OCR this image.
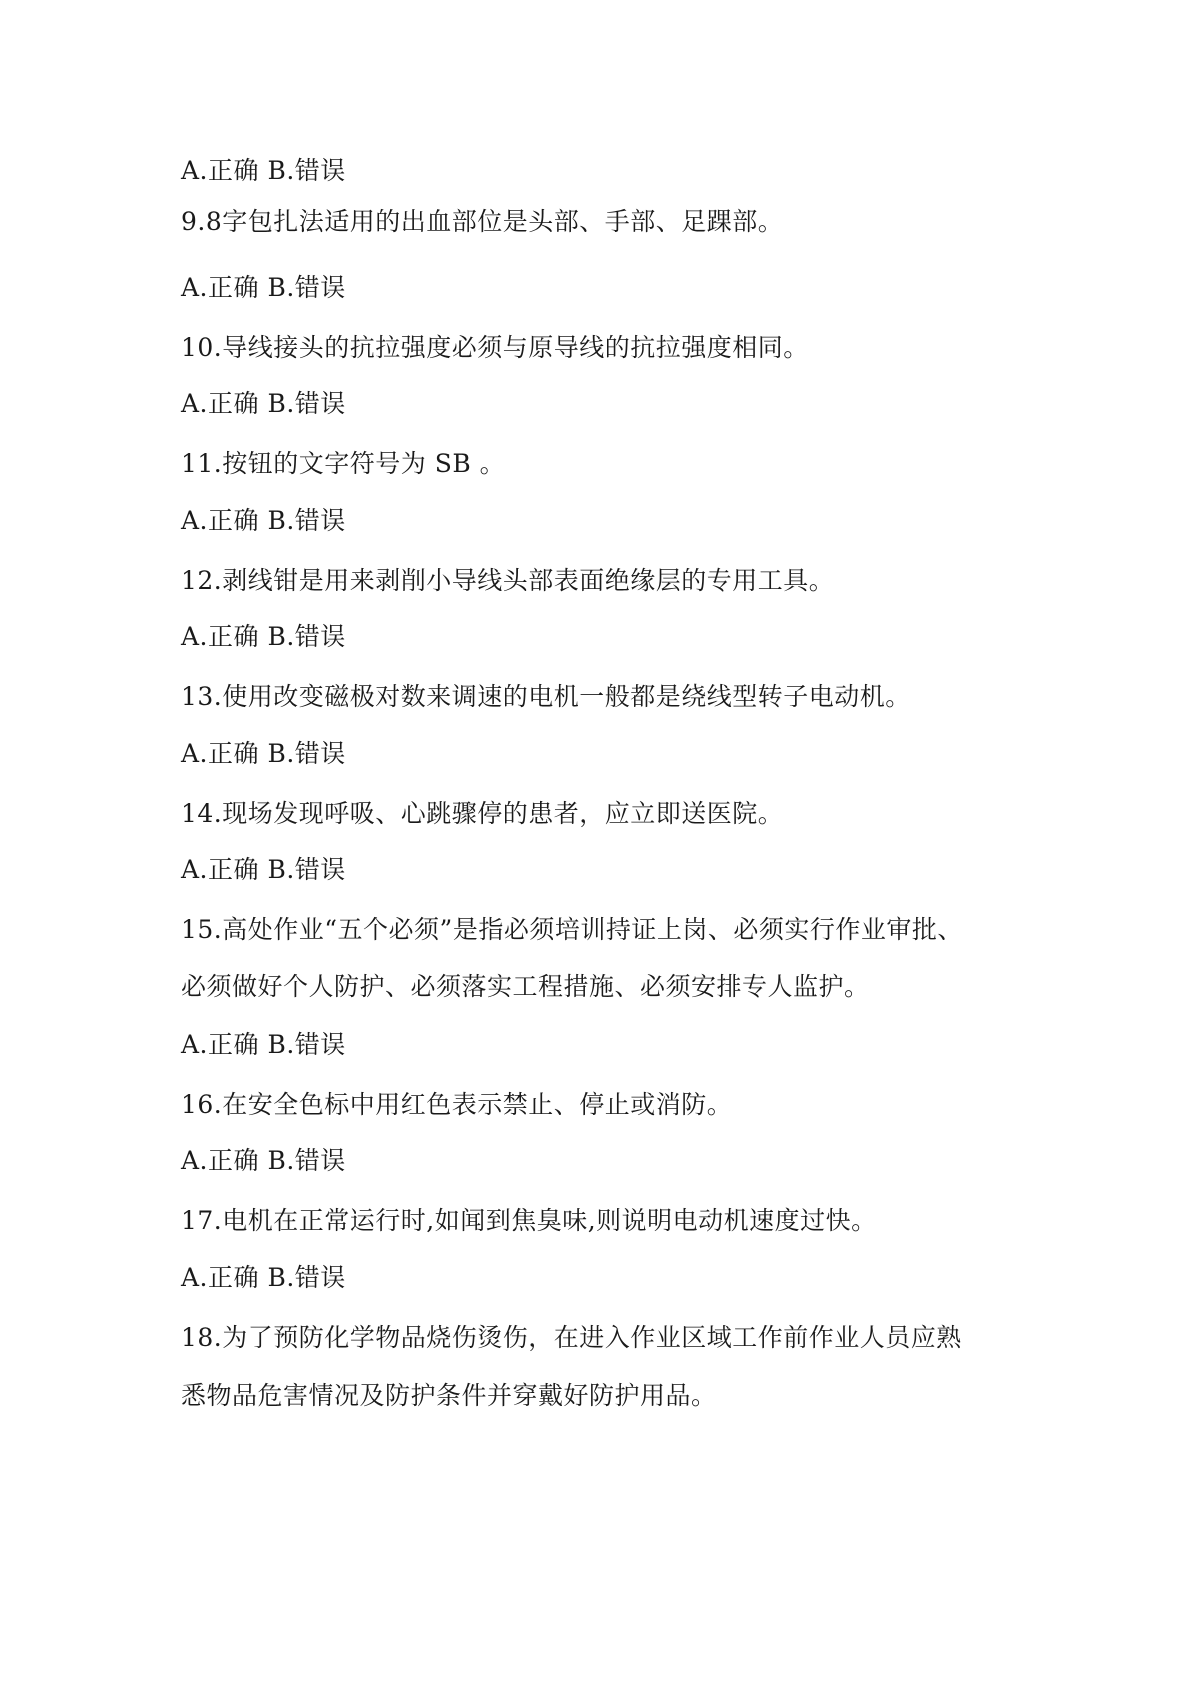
A.正确 B.错误

9.8字包扎法适用的出血部位是头部、手部、足踝部。

A.正确 B.错误

10.导线接头的抗拉强度必须与原导线的抗拉强度相同。

A.正确 B.错误

11.按钮的文字符号为 SB 。

A.正确 B.错误

12.剥线钳是用来剥削小导线头部表面绝缘层的专用工具。

A.正确 B.错误

13.使用改变磁极对数来调速的电机一般都是绕线型转子电动机。

A.正确 B.错误

14.现场发现呼吸、心跳骤停的患者，应立即送医院。

A.正确 B.错误

15.高处作业“五个必须”是指必须培训持证上岗、必须实行作业审批、

必须做好个人防护、必须落实工程措施、必须安排专人监护。

A.正确 B.错误

16.在安全色标中用红色表示禁止、停止或消防。

A.正确 B.错误

17.电机在正常运行时,如闻到焦臭味,则说明电动机速度过快。

A.正确 B.错误

18.为了预防化学物品烧伤烫伤，在进入作业区域工作前作业人员应熟

悉物品危害情况及防护条件并穿戴好防护用品。
